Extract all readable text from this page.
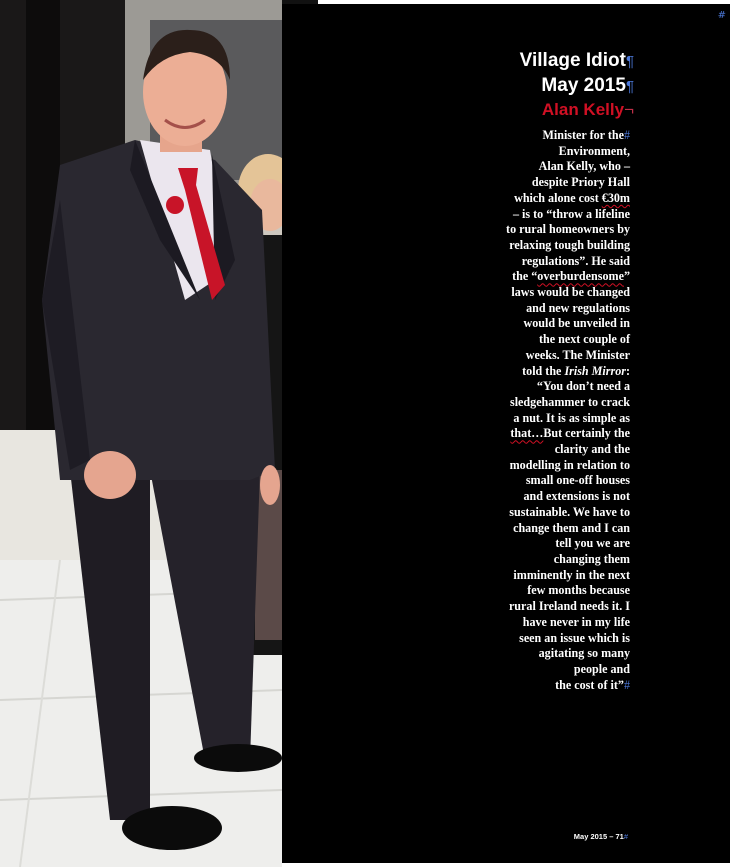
#
Village Idiot¶
May 2015¶
Alan Kelly¬
Minister for the#
Environment,
Alan Kelly, who –
despite Priory Hall
which alone cost €30m
– is to “throw a lifeline
to rural homeowners by
relaxing tough building
regulations”. He said
the “overburdensome”
laws would be changed
and new regulations
would be unveiled in
the next couple of
weeks. The Minister
told the Irish Mirror:
“You don’t need a
sledgehammer to crack
a nut. It is as simple as
that…But certainly the
clarity and the
modelling in relation to
small one-off houses
and extensions is not
sustainable. We have to
change them and I can
tell you we are
changing them
imminently in the next
few months because
rural Ireland needs it. I
have never in my life
seen an issue which is
agitating so many
people and
the cost of it”#
May 2015 – 71#
